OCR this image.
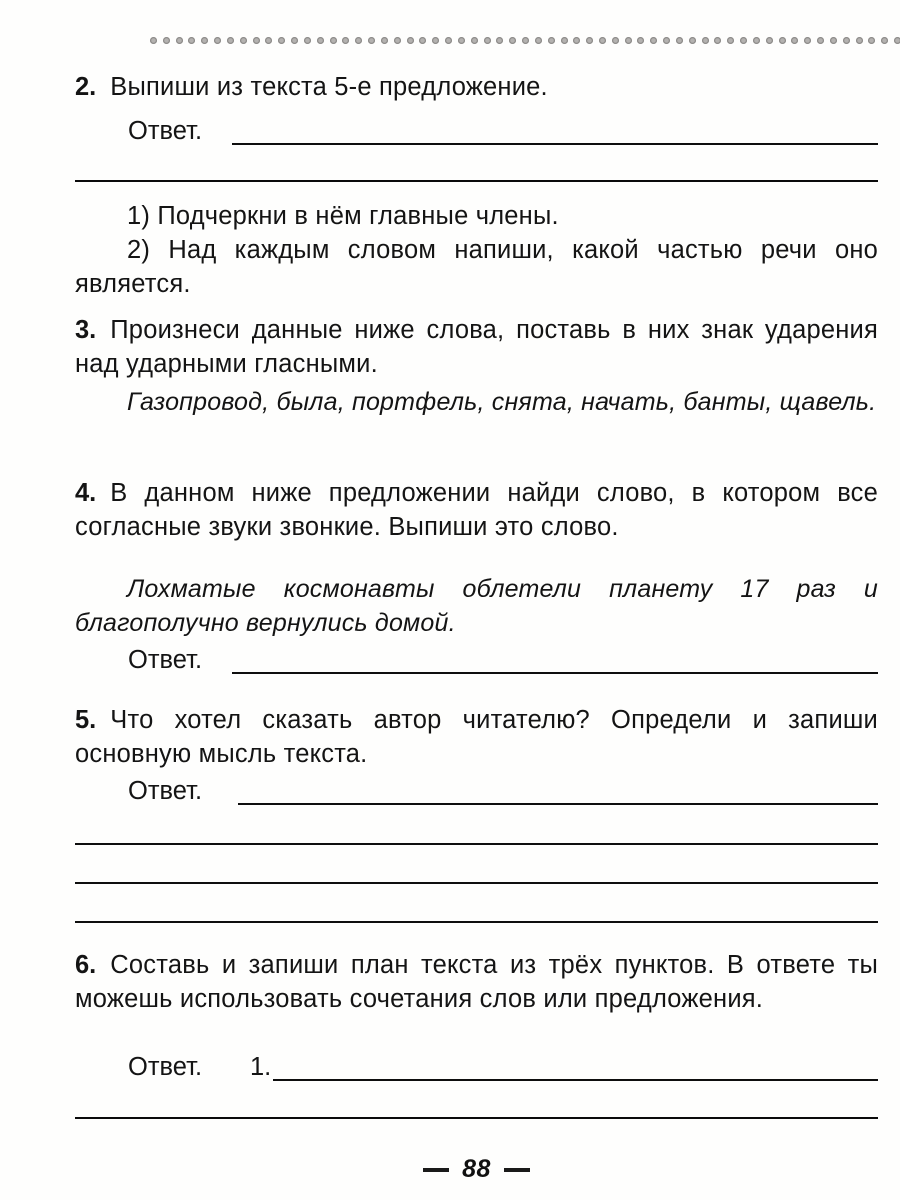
2. Выпиши из текста 5-е предложение.
Ответ.
1) Подчеркни в нём главные члены.
2) Над каждым словом напиши, какой частью речи оно является.
3. Произнеси данные ниже слова, поставь в них знак ударения над ударными гласными.
Газопровод, была, портфель, снята, начать, банты, щавель.
4. В данном ниже предложении найди слово, в котором все согласные звуки звонкие. Выпиши это слово.
Лохматые космонавты облетели планету 17 раз и благополучно вернулись домой.
Ответ.
5. Что хотел сказать автор читателю? Определи и запиши основную мысль текста.
Ответ.
6. Составь и запиши план текста из трёх пунктов. В ответе ты можешь использовать сочетания слов или предложения.
Ответ. 1.
88
